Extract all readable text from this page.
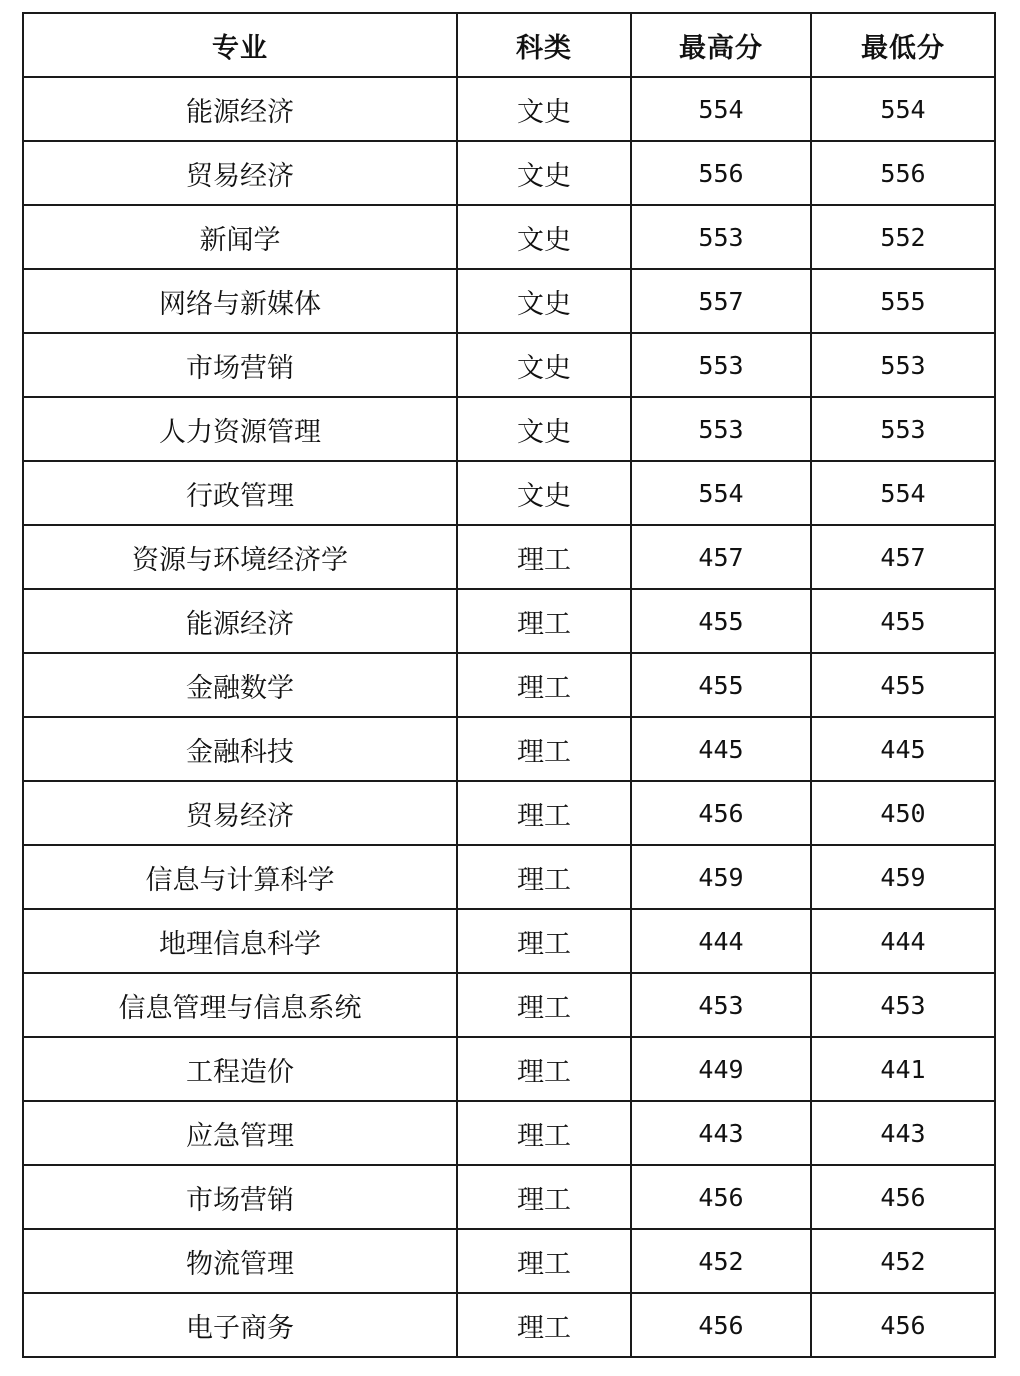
专业	科类	最高分	最低分
能源经济	文史	554	554
贸易经济	文史	556	556
新闻学	文史	553	552
网络与新媒体	文史	557	555
市场营销	文史	553	553
人力资源管理	文史	553	553
行政管理	文史	554	554
资源与环境经济学	理工	457	457
能源经济	理工	455	455
金融数学	理工	455	455
金融科技	理工	445	445
贸易经济	理工	456	450
信息与计算科学	理工	459	459
地理信息科学	理工	444	444
信息管理与信息系统	理工	453	453
工程造价	理工	449	441
应急管理	理工	443	443
市场营销	理工	456	456
物流管理	理工	452	452
电子商务	理工	456	456
